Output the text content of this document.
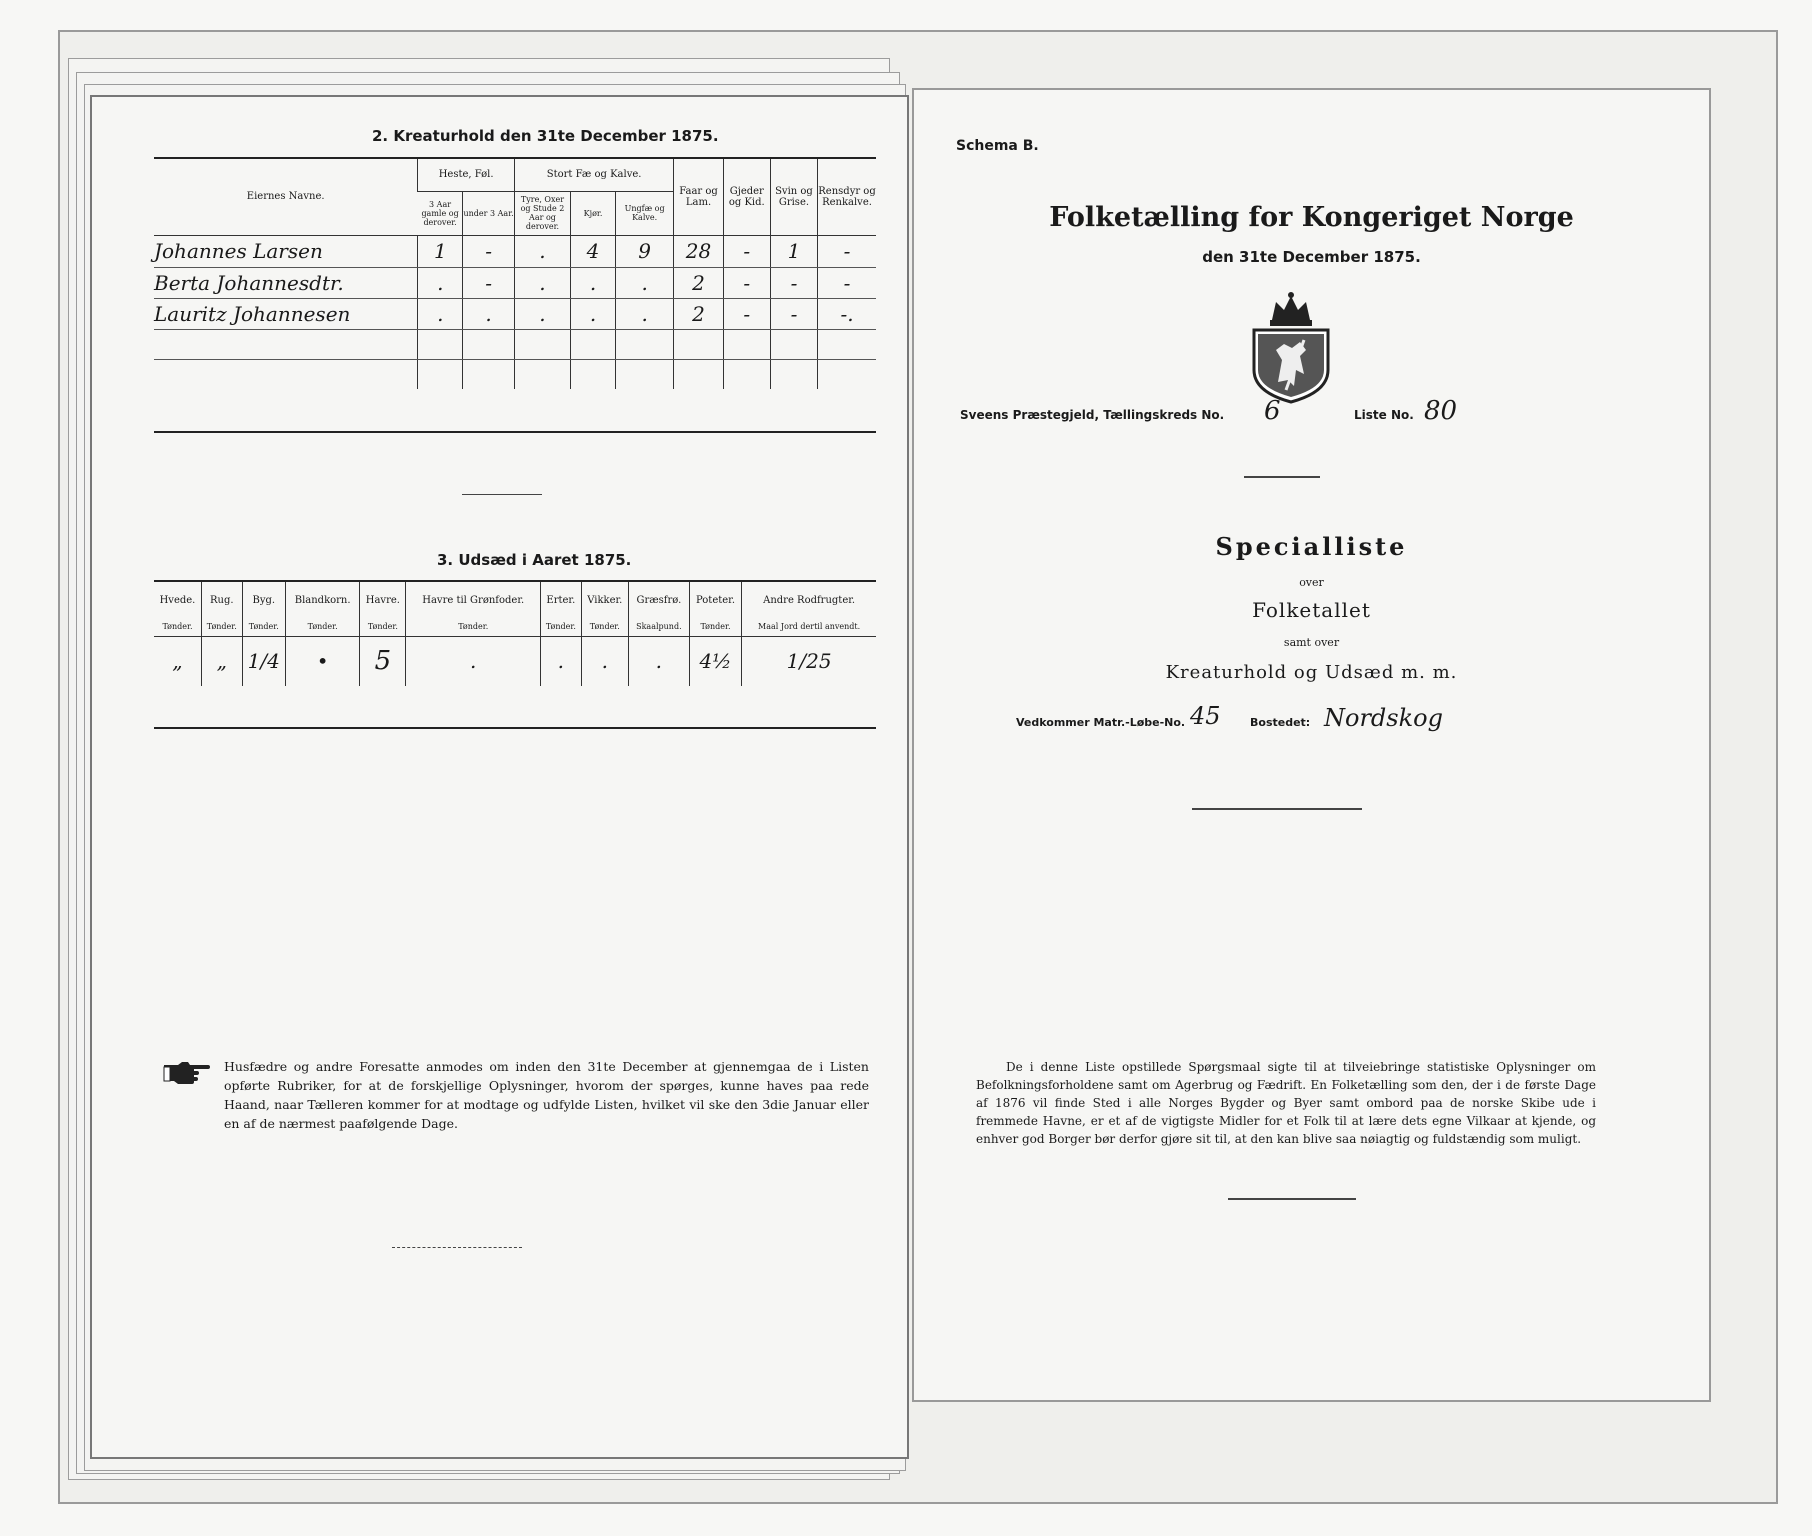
2. Kreaturhold den 31te December 1875.
Eiernes Navne.	Heste, Føl.		Stort Fæ og Kalve.			Faar og Lam.	Gjeder og Kid.	Svin og Grise.	Rensdyr og Renkalve.

	3 Aar gamle og derover.	under 3 Aar.	Tyre, Oxer og Stude 2 Aar og derover.	Kjør.	Ungfæ og Kalve.				

Johannes Larsen	1	-	.	4	9	28	-	1	-
Berta Johannesdtr.	.	-	.	.	.	2	-	-	-
Lauritz Johannesen	.	.	.	.	.	2	-	-	-.

3. Udsæd i Aaret 1875.
Hvede.	Rug.	Byg.	Blandkorn.	Havre.	Havre til Grønfoder.	Erter.	Vikker.	Græsfrø.	Poteter.	Andre Rodfrugter.

Tønder.	Tønder.	Tønder.	Tønder.	Tønder.	Tønder.	Tønder.	Tønder.	Skaalpund.	Tønder.	Maal Jord dertil anvendt.

„	„	1/4	•	5	.	.	.	.	4½	1/25
Husfædre og andre Foresatte anmodes om inden den 31te December at gjennemgaa de i Listen opførte Rubriker, for at de forskjellige Oplysninger, hvorom der spørges, kunne haves paa rede Haand, naar Tælleren kommer for at modtage og udfylde Listen, hvilket vil ske den 3die Januar eller en af de nærmest paafølgende Dage.
Schema B.
Folketælling for Kongeriget Norge
den 31te December 1875.
Sveens Præstegjeld, Tællingskreds No. 6	Liste No. 80
Specialliste
over
Folketallet
samt over
Kreaturhold og Udsæd m. m.
Vedkommer Matr.-Løbe-No. 45	Bostedet: Nordskog
De i denne Liste opstillede Spørgsmaal sigte til at tilveiebringe statistiske Oplysninger om Befolkningsforholdene samt om Agerbrug og Fædrift. En Folketælling som den, der i de første Dage af 1876 vil finde Sted i alle Norges Bygder og Byer samt ombord paa de norske Skibe ude i fremmede Havne, er et af de vigtigste Midler for et Folk til at lære dets egne Vilkaar at kjende, og enhver god Borger bør derfor gjøre sit til, at den kan blive saa nøiagtig og fuldstændig som muligt.
